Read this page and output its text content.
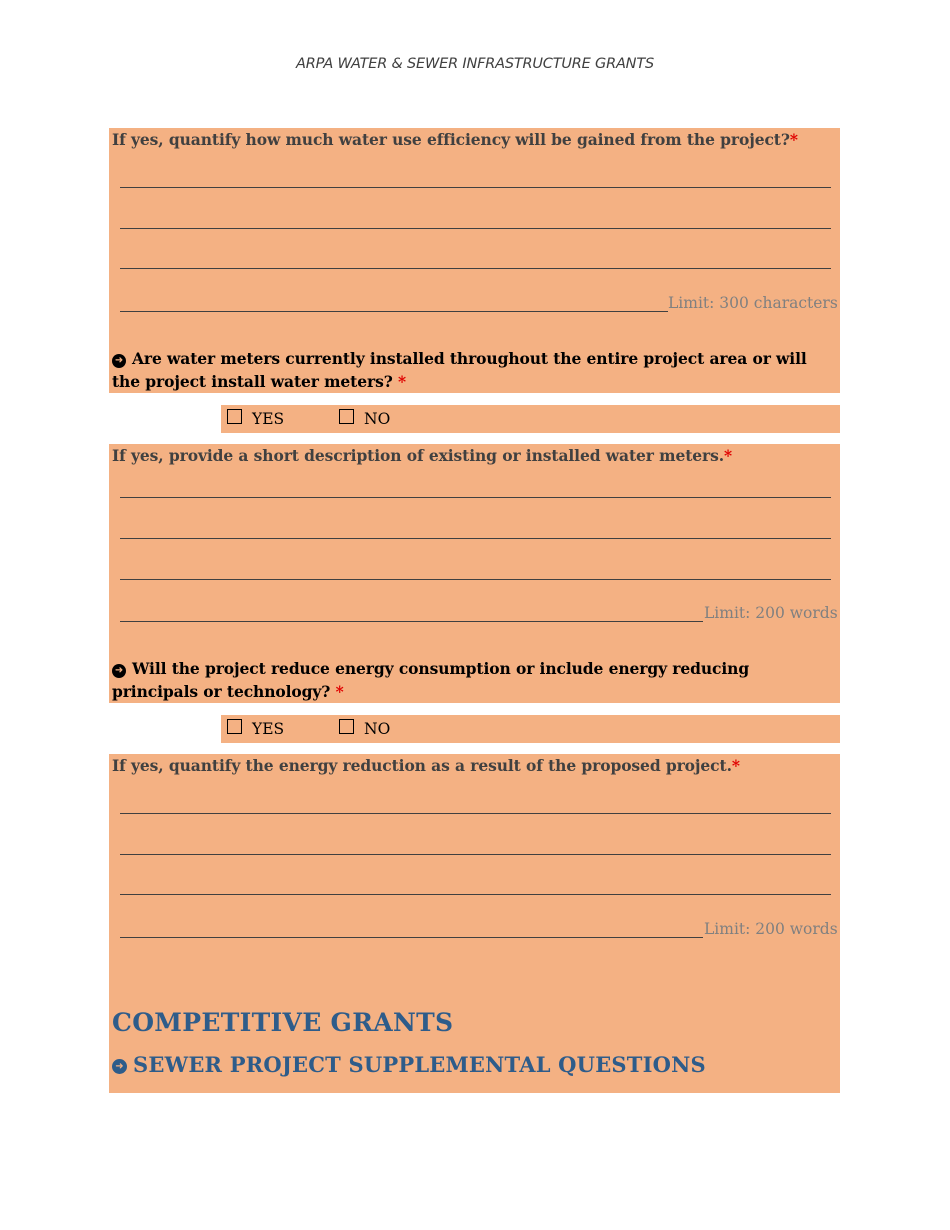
ARPA WATER & SEWER INFRASTRUCTURE GRANTS
If yes, quantify how much water use efficiency will be gained from the project?*
Limit: 300 characters
➜ Are water meters currently installed throughout the entire project area or will the project install water meters? *
YES	NO
If yes, provide a short description of existing or installed water meters.*
Limit: 200 words
➜ Will the project reduce energy consumption or include energy reducing principals or technology? *
YES	NO
If yes, quantify the energy reduction as a result of the proposed project.*
Limit: 200 words
COMPETITIVE GRANTS
➜ SEWER PROJECT SUPPLEMENTAL QUESTIONS
